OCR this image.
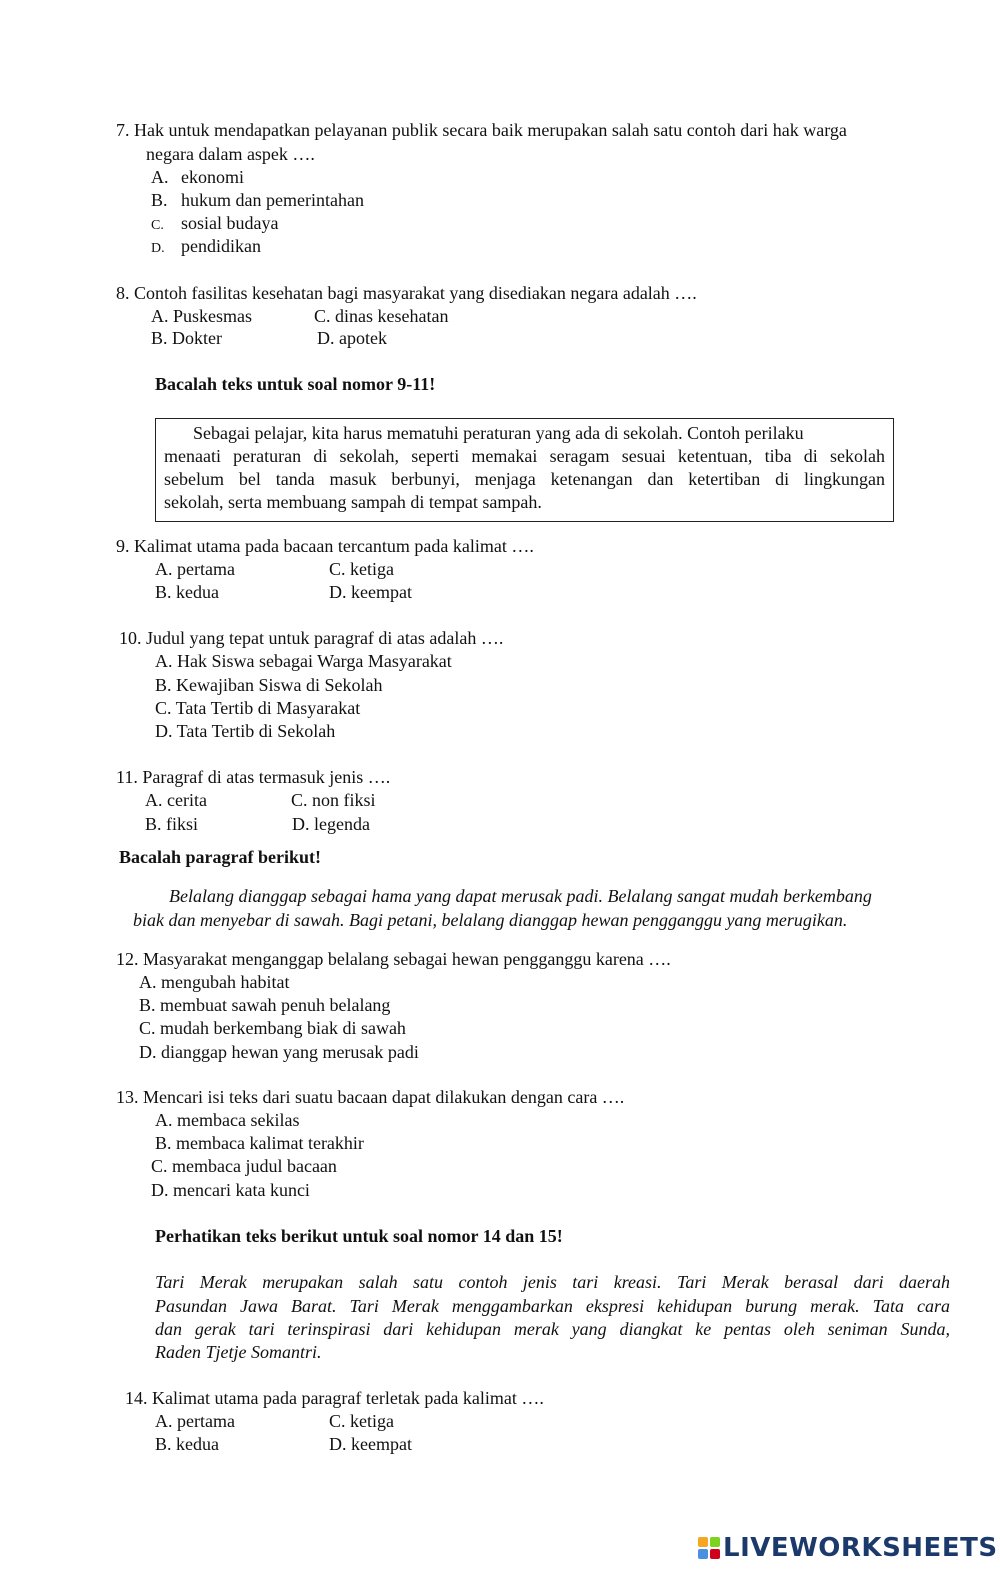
7. Hak untuk mendapatkan pelayanan publik secara baik merupakan salah satu contoh dari hak warga
negara dalam aspek ….
A. ekonomi
B. hukum dan pemerintahan
C. sosial budaya
D. pendidikan
8. Contoh fasilitas kesehatan bagi masyarakat yang disediakan negara adalah ….
A. Puskesmas	C. dinas kesehatan
B. Dokter	D. apotek
Bacalah teks untuk soal nomor 9-11!
Sebagai pelajar, kita harus mematuhi peraturan yang ada di sekolah. Contoh perilaku
menaati peraturan di sekolah, seperti memakai seragam sesuai ketentuan, tiba di sekolah
sebelum bel tanda masuk berbunyi, menjaga ketenangan dan ketertiban di lingkungan
sekolah, serta membuang sampah di tempat sampah.
9. Kalimat utama pada bacaan tercantum pada kalimat ….
A. pertama	C. ketiga
B. kedua	D. keempat
10. Judul yang tepat untuk paragraf di atas adalah ….
A. Hak Siswa sebagai Warga Masyarakat
B. Kewajiban Siswa di Sekolah
C. Tata Tertib di Masyarakat
D. Tata Tertib di Sekolah
11. Paragraf di atas termasuk jenis ….
A. cerita	C. non fiksi
B. fiksi	D. legenda
Bacalah paragraf berikut!
Belalang dianggap sebagai hama yang dapat merusak padi. Belalang sangat mudah berkembang
biak dan menyebar di sawah. Bagi petani, belalang dianggap hewan pengganggu yang merugikan.
12. Masyarakat menganggap belalang sebagai hewan pengganggu karena ….
A. mengubah habitat
B. membuat sawah penuh belalang
C. mudah berkembang biak di sawah
D. dianggap hewan yang merusak padi
13. Mencari isi teks dari suatu bacaan dapat dilakukan dengan cara ….
A. membaca sekilas
B. membaca kalimat terakhir
C. membaca judul bacaan
D. mencari kata kunci
Perhatikan teks berikut untuk soal nomor 14 dan 15!
Tari Merak merupakan salah satu contoh jenis tari kreasi. Tari Merak berasal dari daerah
Pasundan Jawa Barat. Tari Merak menggambarkan ekspresi kehidupan burung merak. Tata cara
dan gerak tari terinspirasi dari kehidupan merak yang diangkat ke pentas oleh seniman Sunda,
Raden Tjetje Somantri.
14. Kalimat utama pada paragraf terletak pada kalimat ….
A. pertama	C. ketiga
B. kedua	D. keempat
LIVEWORKSHEETS
